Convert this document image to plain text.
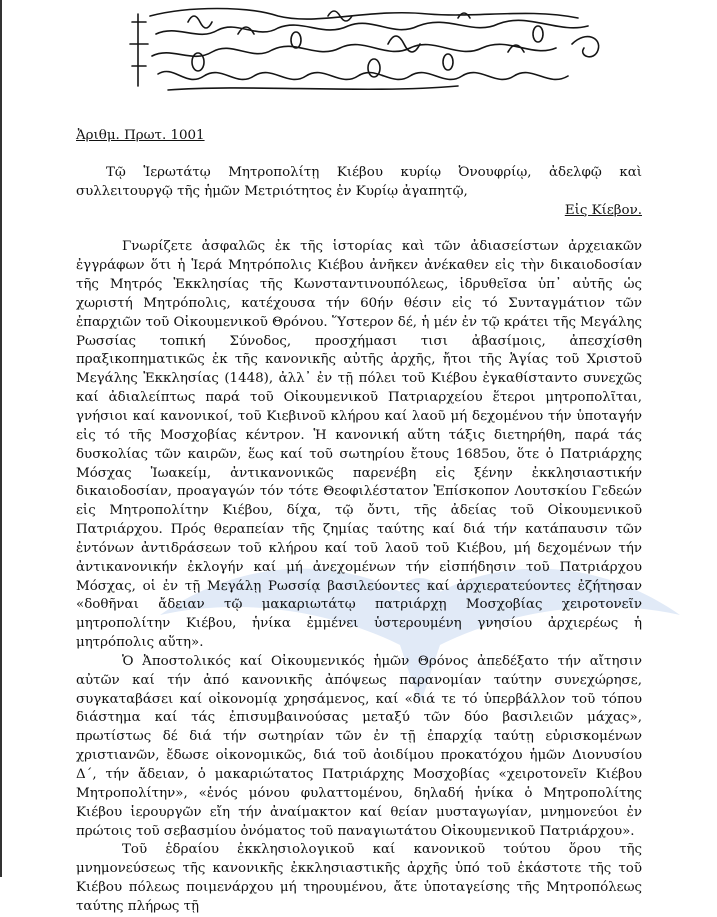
Ἀριθμ. Πρωτ. 1001

Τῷ Ἱερωτάτῳ Μητροπολίτῃ Κιέβου κυρίῳ Ὀνουφρίῳ, ἀδελφῷ καὶ συλλειτουργῷ τῆς ἡμῶν Μετριότητος ἐν Κυρίῳ ἀγαπητῷ,

Εἰς Κίεβον.

Γνωρίζετε ἀσφαλῶς ἐκ τῆς ἱστορίας καὶ τῶν ἀδιασείστων ἀρχειακῶν ἐγγράφων ὅτι ἡ Ἱερά Μητρόπολις Κιέβου ἀνῆκεν ἀνέκαθεν εἰς τὴν δικαιοδοσίαν τῆς Μητρός Ἐκκλησίας τῆς Κωνσταντινουπόλεως, ἱδρυθεῖσα ὑπ᾽ αὐτῆς ὡς χωριστή Μητρόπολις, κατέχουσα τήν 60ήν θέσιν εἰς τό Συνταγμάτιον τῶν ἐπαρχιῶν τοῦ Οἰκουμενικοῦ Θρόνου. Ὕστερον δέ, ἡ μέν ἐν τῷ κράτει τῆς Μεγάλης Ρωσσίας τοπική Σύνοδος, προσχήμασι τισι ἀβασίμοις, ἀπεσχίσθη πραξικοπηματικῶς ἐκ τῆς κανονικῆς αὐτῆς ἀρχῆς, ἤτοι τῆς Ἁγίας τοῦ Χριστοῦ Μεγάλης Ἐκκλησίας (1448), ἀλλ᾽ ἐν τῇ πόλει τοῦ Κιέβου ἐγκαθίσταντο συνεχῶς καί ἀδιαλείπτως παρά τοῦ Οἰκουμενικοῦ Πατριαρχείου ἕτεροι μητροπολῖται, γνήσιοι καί κανονικοί, τοῦ Κιεβινοῦ κλήρου καί λαοῦ μή δεχομένου τήν ὑποταγήν εἰς τό τῆς Μοσχοβίας κέντρον. Ἡ κανονική αὕτη τάξις διετηρήθη, παρά τάς δυσκολίας τῶν καιρῶν, ἕως καί τοῦ σωτηρίου ἔτους 1685ου, ὅτε ὁ Πατριάρχης Μόσχας Ἰωακείμ, ἀντικανονικῶς παρενέβη εἰς ξένην ἐκκλησιαστικήν δικαιοδοσίαν, προαγαγών τόν τότε Θεοφιλέστατον Ἐπίσκοπον Λουτσκίου Γεδεών εἰς Μητροπολίτην Κιέβου, δίχα, τῷ ὄντι, τῆς ἀδείας τοῦ Οἰκουμενικοῦ Πατριάρχου. Πρός θεραπείαν τῆς ζημίας ταύτης καί διά τήν κατάπαυσιν τῶν ἐντόνων ἀντιδράσεων τοῦ κλήρου καί τοῦ λαοῦ τοῦ Κιέβου, μή δεχομένων τήν ἀντικανονικήν ἐκλογήν καί μή ἀνεχομένων τήν εἰσπήδησιν τοῦ Πατριάρχου Μόσχας, οἱ ἐν τῇ Μεγάλῃ Ρωσσίᾳ βασιλεύοντες καί ἀρχιερατεύοντες ἐζήτησαν «δοθῆναι ἄδειαν τῷ μακαριωτάτῳ πατριάρχῃ Μοσχοβίας χειροτονεῖν μητροπολίτην Κιέβου, ἡνίκα ἐμμένει ὑστερουμένη γνησίου ἀρχιερέως ἡ μητρόπολις αὕτη».

Ὁ Ἀποστολικός καί Οἰκουμενικός ἡμῶν Θρόνος ἀπεδέξατο τήν αἴτησιν αὐτῶν καί τήν ἀπό κανονικῆς ἀπόψεως παρανομίαν ταύτην συνεχώρησε, συγκαταβάσει καί οἰκονομίᾳ χρησάμενος, καί «διά τε τό ὑπερβάλλον τοῦ τόπου διάστημα καί τάς ἐπισυμβαινούσας μεταξύ τῶν δύο βασιλειῶν μάχας», πρωτίστως δέ διά τήν σωτηρίαν τῶν ἐν τῇ ἐπαρχίᾳ ταύτῃ εὑρισκομένων χριστιανῶν, ἔδωσε οἰκονομικῶς, διά τοῦ ἀοιδίμου προκατόχου ἡμῶν Διονυσίου Δ΄, τήν ἄδειαν, ὁ μακαριώτατος Πατριάρχης Μοσχοβίας «χειροτονεῖν Κιέβου Μητροπολίτην», «ἑνός μόνου φυλαττομένου, δηλαδή ἡνίκα ὁ Μητροπολίτης Κιέβου ἱερουργῶν εἴη τήν ἀναίμακτον καί θείαν μυσταγωγίαν, μνημονεύοι ἐν πρώτοις τοῦ σεβασμίου ὀνόματος τοῦ παναγιωτάτου Οἰκουμενικοῦ Πατριάρχου».

Τοῦ ἑδραίου ἐκκλησιολογικοῦ καί κανονικοῦ τούτου ὅρου τῆς μνημονεύσεως τῆς κανονικῆς ἐκκλησιαστικῆς ἀρχῆς ὑπό τοῦ ἑκάστοτε τῆς τοῦ Κιέβου πόλεως ποιμενάρχου μή τηρουμένου, ἄτε ὑποταγείσης τῆς Μητροπόλεως ταύτης πλήρως τῇ
